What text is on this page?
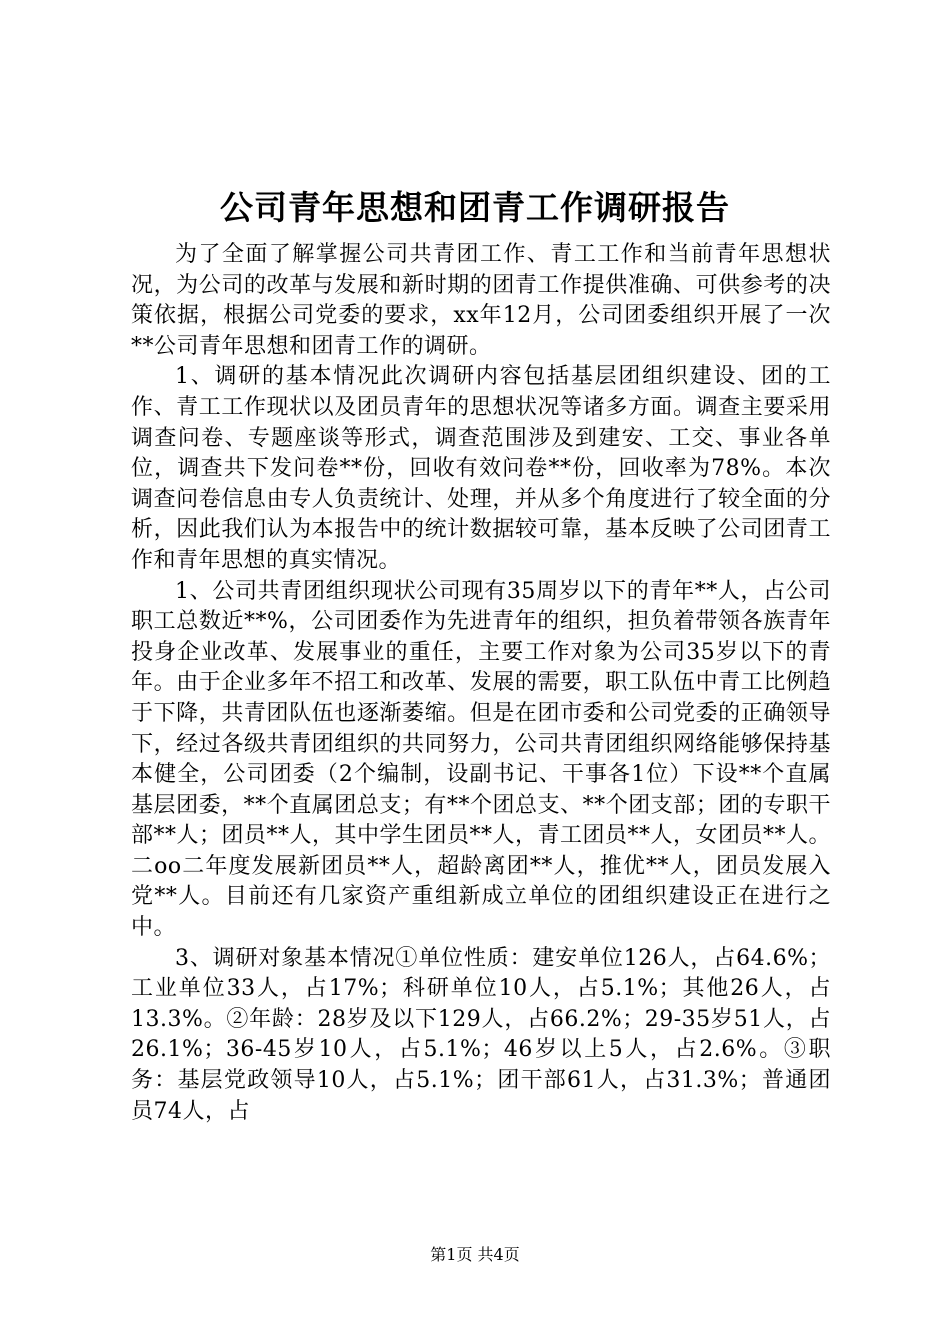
公司青年思想和团青工作调研报告

为了全面了解掌握公司共青团工作、青工工作和当前青年思想状况，为公司的改革与发展和新时期的团青工作提供准确、可供参考的决策依据，根据公司党委的要求，xx年12月，公司团委组织开展了一次**公司青年思想和团青工作的调研。

1、调研的基本情况此次调研内容包括基层团组织建设、团的工作、青工工作现状以及团员青年的思想状况等诸多方面。调查主要采用调查问卷、专题座谈等形式，调查范围涉及到建安、工交、事业各单位，调查共下发问卷**份，回收有效问卷**份，回收率为78%。本次调查问卷信息由专人负责统计、处理，并从多个角度进行了较全面的分析，因此我们认为本报告中的统计数据较可靠，基本反映了公司团青工作和青年思想的真实情况。

1、公司共青团组织现状公司现有35周岁以下的青年**人，占公司职工总数近**%，公司团委作为先进青年的组织，担负着带领各族青年投身企业改革、发展事业的重任，主要工作对象为公司35岁以下的青年。由于企业多年不招工和改革、发展的需要，职工队伍中青工比例趋于下降，共青团队伍也逐渐萎缩。但是在团市委和公司党委的正确领导下，经过各级共青团组织的共同努力，公司共青团组织网络能够保持基本健全，公司团委（2个编制，设副书记、干事各1位）下设**个直属基层团委，**个直属团总支；有**个团总支、**个团支部；团的专职干部**人；团员**人，其中学生团员**人，青工团员**人，女团员**人。二oo二年度发展新团员**人，超龄离团**人，推优**人，团员发展入党**人。目前还有几家资产重组新成立单位的团组织建设正在进行之中。

3、调研对象基本情况①单位性质：建安单位126人，占64.6%；工业单位33人，占17%；科研单位10人，占5.1%；其他26人，占13.3%。②年龄：28岁及以下129人，占66.2%；29-35岁51人，占26.1%；36-45岁10人，占5.1%；46岁以上5人，占2.6%。③职务：基层党政领导10人，占5.1%；团干部61人，占31.3%；普通团员74人，占

第1页 共4页
